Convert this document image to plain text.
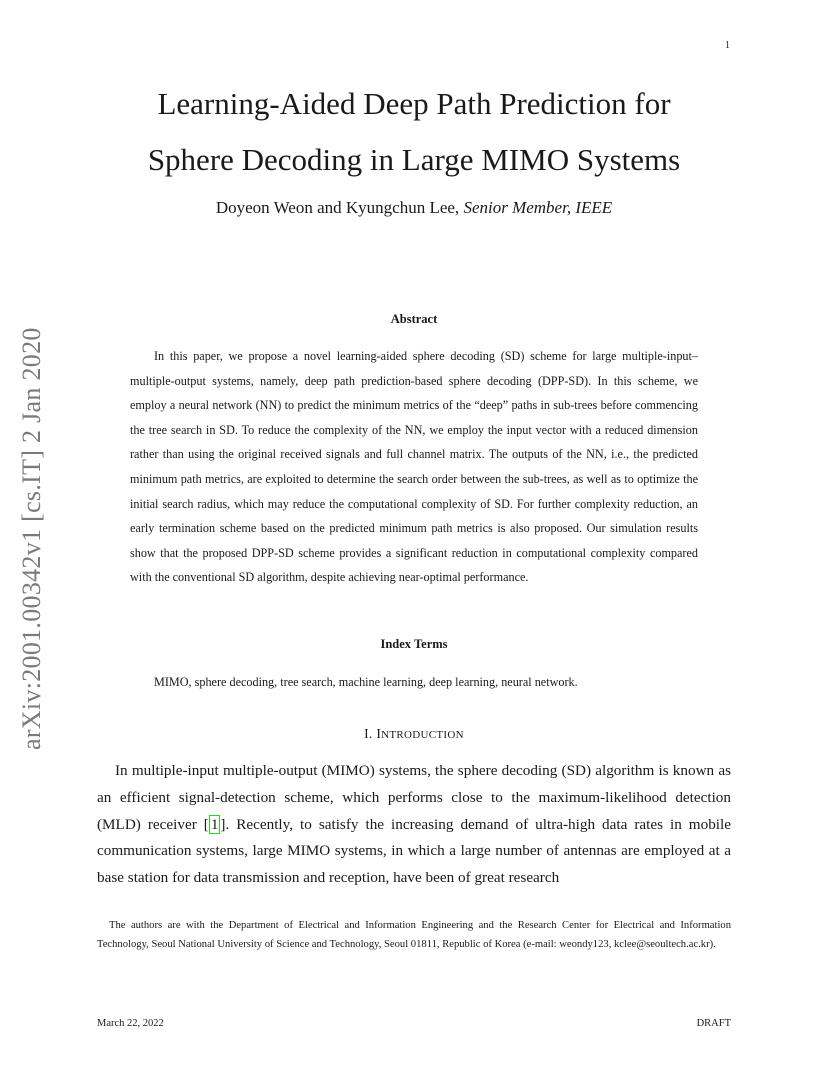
1
arXiv:2001.00342v1 [cs.IT] 2 Jan 2020
Learning-Aided Deep Path Prediction for
Sphere Decoding in Large MIMO Systems
Doyeon Weon and Kyungchun Lee, Senior Member, IEEE
Abstract
In this paper, we propose a novel learning-aided sphere decoding (SD) scheme for large multiple-input–multiple-output systems, namely, deep path prediction-based sphere decoding (DPP-SD). In this scheme, we employ a neural network (NN) to predict the minimum metrics of the “deep” paths in sub-trees before commencing the tree search in SD. To reduce the complexity of the NN, we employ the input vector with a reduced dimension rather than using the original received signals and full channel matrix. The outputs of the NN, i.e., the predicted minimum path metrics, are exploited to determine the search order between the sub-trees, as well as to optimize the initial search radius, which may reduce the computational complexity of SD. For further complexity reduction, an early termination scheme based on the predicted minimum path metrics is also proposed. Our simulation results show that the proposed DPP-SD scheme provides a significant reduction in computational complexity compared with the conventional SD algorithm, despite achieving near-optimal performance.
Index Terms
MIMO, sphere decoding, tree search, machine learning, deep learning, neural network.
I. INTRODUCTION
In multiple-input multiple-output (MIMO) systems, the sphere decoding (SD) algorithm is known as an efficient signal-detection scheme, which performs close to the maximum-likelihood detection (MLD) receiver [ 1 ]. Recently, to satisfy the increasing demand of ultra-high data rates in mobile communication systems, large MIMO systems, in which a large number of antennas are employed at a base station for data transmission and reception, have been of great research
The authors are with the Department of Electrical and Information Engineering and the Research Center for Electrical and Information Technology, Seoul National University of Science and Technology, Seoul 01811, Republic of Korea (e-mail: weondy123, kclee@seoultech.ac.kr).
March 22, 2022	DRAFT
